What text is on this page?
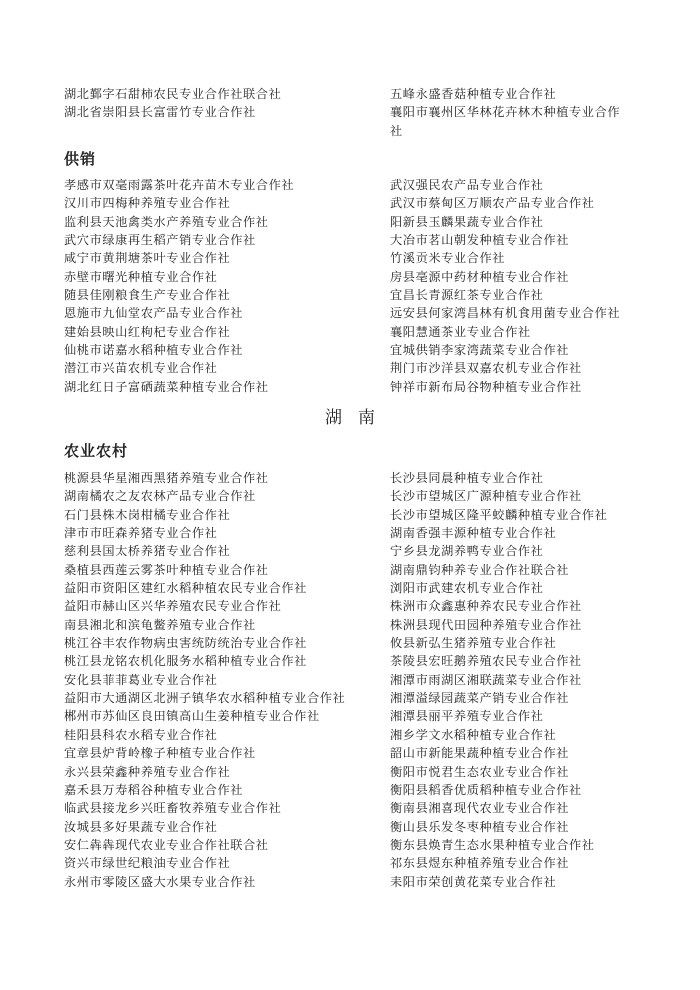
湖北鄞字石甜柿农民专业合作社联合社
湖北省崇阳县长富雷竹专业合作社
五峰永盛香菇种植专业合作社
襄阳市襄州区华林花卉林木种植专业合作
社
供销
孝感市双毫雨露茶叶花卉苗木专业合作社
汉川市四梅种养殖专业合作社
监利县天池禽类水产养殖专业合作社
武穴市绿康再生稻产销专业合作社
咸宁市黄荆塘茶叶专业合作社
赤壁市曙光种植专业合作社
随县佳刚粮食生产专业合作社
恩施市九仙堂农产品专业合作社
建始县映山红枸杞专业合作社
仙桃市诺嘉水稻种植专业合作社
潜江市兴苗农机专业合作社
湖北红日子富硒蔬菜种植专业合作社
武汉强民农产品专业合作社
武汉市蔡甸区万顺农产品专业合作社
阳新县玉麟果蔬专业合作社
大冶市茗山朝发种植专业合作社
竹溪贡米专业合作社
房县亳源中药材种植专业合作社
宜昌长青源红茶专业合作社
远安县何家湾昌林有机食用菌专业合作社
襄阳慧通茶业专业合作社
宜城供销李家湾蔬菜专业合作社
荆门市沙洋县双嘉农机专业合作社
钟祥市新布局谷物种植专业合作社
湖南
农业农村
桃源县华星湘西黑猪养殖专业合作社
湖南橘农之友农林产品专业合作社
石门县株木岗柑橘专业合作社
津市市旺森养猪专业合作社
慈利县国太桥养猪专业合作社
桑植县西莲云雾茶叶种植专业合作社
益阳市资阳区建红水稻种植农民专业合作社
益阳市赫山区兴华养殖农民专业合作社
南县湘北和滨龟鳖养殖专业合作社
桃江谷丰农作物病虫害统防统治专业合作社
桃江县龙铭农机化服务水稻种植专业合作社
安化县菲菲葛业专业合作社
益阳市大通湖区北洲子镇华农水稻种植专业合作社
郴州市苏仙区良田镇高山生姜种植专业合作社
桂阳县科农水稻专业合作社
宜章县炉背岭橡子种植专业合作社
永兴县荣鑫种养殖专业合作社
嘉禾县万寿稻谷种植专业合作社
临武县接龙乡兴旺畜牧养殖专业合作社
汝城县多好果蔬专业合作社
安仁犇犇现代农业专业合作社联合社
资兴市绿世纪粮油专业合作社
永州市零陵区盛大水果专业合作社
长沙县同晨种植专业合作社
长沙市望城区广源种植专业合作社
长沙市望城区隆平蛟麟种植专业合作社
湖南香强丰源种植专业合作社
宁乡县龙湖养鸭专业合作社
湖南鼎钧种养专业合作社联合社
浏阳市武建农机专业合作社
株洲市众鑫惠种养农民专业合作社
株洲县现代田园种养殖专业合作社
攸县新弘生猪养殖专业合作社
茶陵县宏旺鹅养殖农民专业合作社
湘潭市雨湖区湘联蔬菜专业合作社
湘潭溢绿园蔬菜产销专业合作社
湘潭县丽平养殖专业合作社
湘乡学文水稻种植专业合作社
韶山市新能果蔬种植专业合作社
衡阳市悦君生态农业专业合作社
衡阳县稻香优质稻种植专业合作社
衡南县湘喜现代农业专业合作社
衡山县乐发冬枣种植专业合作社
衡东县焕青生态水果种植专业合作社
祁东县煜东种植养殖专业合作社
耒阳市荣创黄花菜专业合作社
